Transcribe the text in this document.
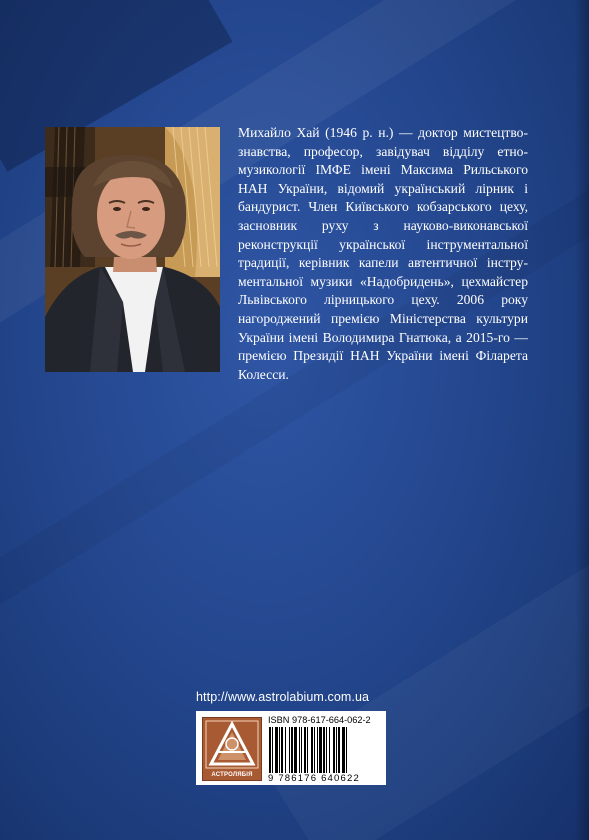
Михайло Хай (1946 р. н.) — доктор мистецтвознавства, професор, завідувач відділу етномузикології ІМФЕ імені Максима Рильського НАН України, відомий український лірник і бандурист. Член Київського кобзарського цеху, засновник руху з науково-виконавської реконструкції української інструментальної традиції, керівник капели автентичної інструментальної музики «Надобридень», цехмайстер Львівського лірницького цеху. 2006 року нагороджений премією Міністерства культури України імені Володимира Гнатюка, а 2015-го — премією Президії НАН України імені Філарета Колесси.
http://www.astrolabium.com.ua
АСТРОЛЯБІЯ
ISBN 978-617-664-062-2
9 786176 640622
